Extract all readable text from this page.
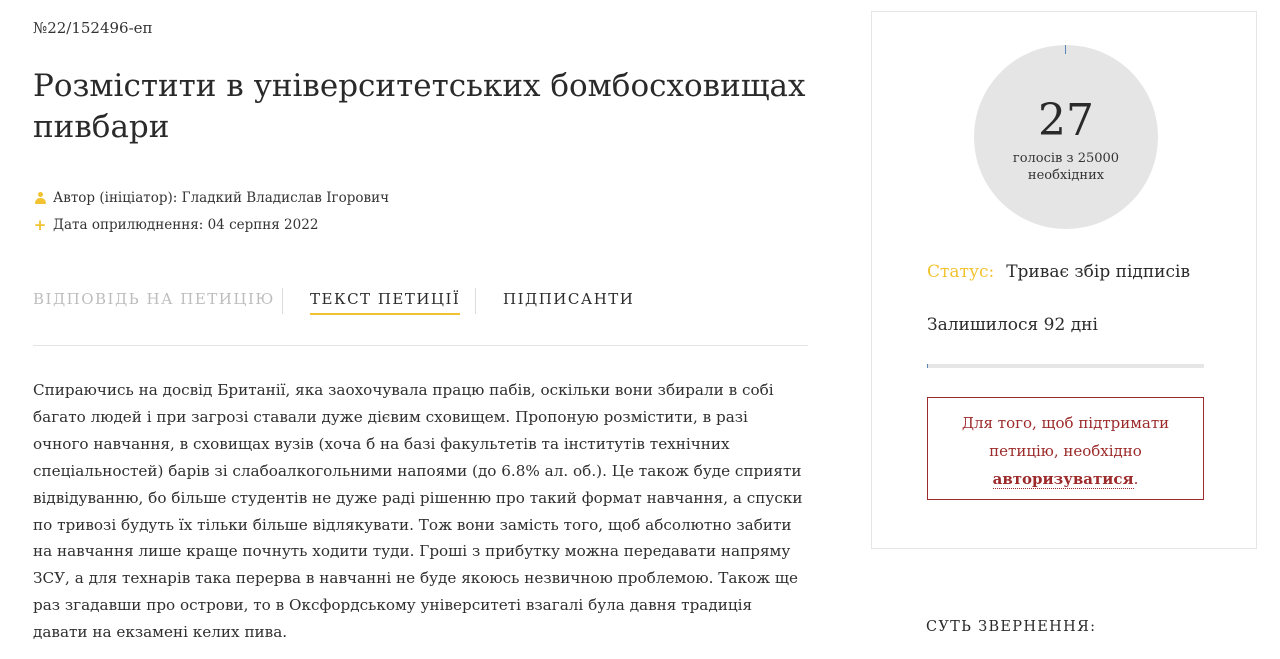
№22/152496-еп
Розмістити в університетських бомбосховищах пивбари
Автор (ініціатор):
Гладкий Владислав Ігорович
+ Дата оприлюднення:
04 серпня 2022
ВІДПОВІДЬ НА ПЕТИЦІЮ ТЕКСТ ПЕТИЦІЇ	ПІДПИСАНТИ

Спираючись на досвід Британії, яка заохочувала працю пабів, оскільки вони збирали в собі багато людей і при загрозі ставали дуже дієвим сховищем. Пропоную розмістити, в разі очного навчання, в сховищах вузів (хоча б на базі факультетів та інститутів технічних спеціальностей) барів зі слабоалкогольними напоями (до 6.8% ал. об.). Це також буде сприяти відвідуванню, бо більше студентів не дуже раді рішенню про такий формат навчання, а спуски по тривозі будуть їх тільки більше відлякувати. Тож вони замість того, щоб абсолютно забити на навчання лише краще почнуть ходити туди. Гроші з прибутку можна передавати напряму ЗСУ, а для технарів така перерва в навчанні не буде якоюсь незвичною проблемою. Також ще раз згадавши про острови, то в Оксфордському університеті взагалі була давня традиція давати на екзамені келих пива.

27
голосів з 25000 необхідних
Статус: Триває збір підписів
Залишилося 92 дні
Для того, щоб підтримати петицію, необхідно
авторизуватися.
СУТЬ ЗВЕРНЕННЯ:
